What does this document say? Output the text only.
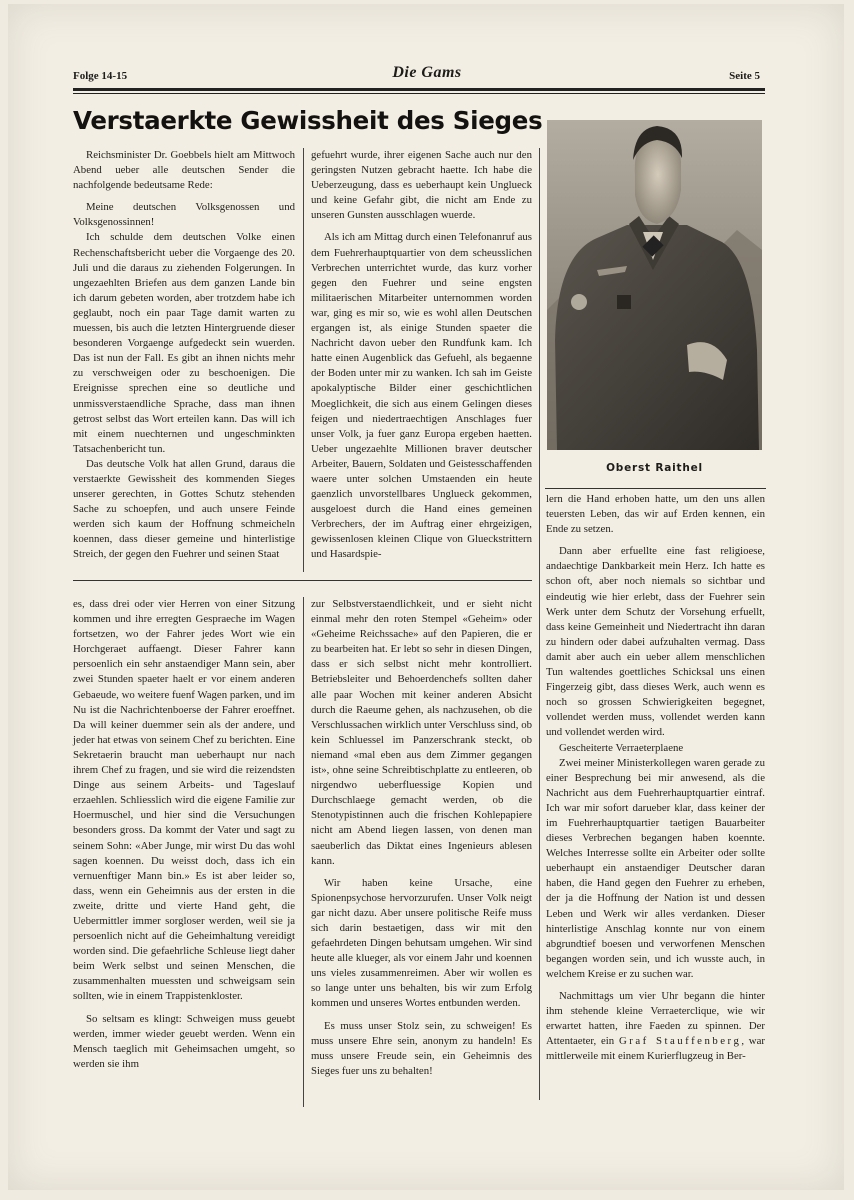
Folge 14-15	Die Gams	Seite 5
Verstaerkte Gewissheit des Sieges

Reichsminister Dr. Goebbels hielt am Mittwoch Abend ueber alle deutschen Sender die nachfolgende bedeutsame Rede:

Meine deutschen Volksgenossen und Volksgenossinnen!

Ich schulde dem deutschen Volke einen Rechenschaftsbericht ueber die Vorgaenge des 20. Juli und die daraus zu ziehenden Folgerungen. In ungezaehlten Briefen aus dem ganzen Lande bin ich darum gebeten worden, aber trotzdem habe ich geglaubt, noch ein paar Tage damit warten zu muessen, bis auch die letzten Hintergruende dieser besonderen Vorgaenge aufgedeckt sein wuerden. Das ist nun der Fall. Es gibt an ihnen nichts mehr zu verschweigen oder zu beschoenigen. Die Ereignisse sprechen eine so deutliche und unmissverstaendliche Sprache, dass man ihnen getrost selbst das Wort erteilen kann. Das will ich mit einem nuechternen und ungeschminkten Tatsachenbericht tun.

Das deutsche Volk hat allen Grund, daraus die verstaerkte Gewissheit des kommenden Sieges unserer gerechten, in Gottes Schutz stehenden Sache zu schoepfen, und auch unsere Feinde werden sich kaum der Hoffnung schmeicheln koennen, dass dieser gemeine und hinterlistige Streich, der gegen den Fuehrer und seinen Staat

gefuehrt wurde, ihrer eigenen Sache auch nur den geringsten Nutzen gebracht haette. Ich habe die Ueberzeugung, dass es ueberhaupt kein Unglueck und keine Gefahr gibt, die nicht am Ende zu unseren Gunsten ausschlagen wuerde.

Als ich am Mittag durch einen Telefonanruf aus dem Fuehrerhauptquartier von dem scheusslichen Verbrechen unterrichtet wurde, das kurz vorher gegen den Fuehrer und seine engsten militaerischen Mitarbeiter unternommen worden war, ging es mir so, wie es wohl allen Deutschen ergangen ist, als einige Stunden spaeter die Nachricht davon ueber den Rundfunk kam. Ich hatte einen Augenblick das Gefuehl, als begaenne der Boden unter mir zu wanken. Ich sah im Geiste apokalyptische Bilder einer geschichtlichen Moeglichkeit, die sich aus einem Gelingen dieses feigen und niedertraechtigen Anschlages fuer unser Volk, ja fuer ganz Europa ergeben haetten. Ueber ungezaehlte Millionen braver deutscher Arbeiter, Bauern, Soldaten und Geistesschaffenden waere unter solchen Umstaenden ein heute gaenzlich unvorstellbares Unglueck gekommen, ausgeloest durch die Hand eines gemeinen Verbrechers, der im Auftrag einer ehrgeizigen, gewissenlosen kleinen Clique von Glueckstrittern und Hasardspie-

Oberst Raithel

lern die Hand erhoben hatte, um den uns allen teuersten Leben, das wir auf Erden kennen, ein Ende zu setzen.

Dann aber erfuellte eine fast religioese, andaechtige Dankbarkeit mein Herz. Ich hatte es schon oft, aber noch niemals so sichtbar und eindeutig wie hier erlebt, dass der Fuehrer sein Werk unter dem Schutz der Vorsehung erfuellt, dass keine Gemeinheit und Niedertracht ihn daran zu hindern oder dabei aufzuhalten vermag. Dass damit aber auch ein ueber allem menschlichen Tun waltendes goettliches Schicksal uns einen Fingerzeig gibt, dass dieses Werk, auch wenn es noch so grossen Schwierigkeiten begegnet, vollendet werden muss, vollendet werden kann und vollendet werden wird.

Gescheiterte Verraeterplaene

Zwei meiner Ministerkollegen waren gerade zu einer Besprechung bei mir anwesend, als die Nachricht aus dem Fuehrerhauptquartier eintraf. Ich war mir sofort darueber klar, dass keiner der im Fuehrerhauptquartier taetigen Bauarbeiter dieses Verbrechen begangen haben koennte. Welches Interresse sollte ein Arbeiter oder sollte ueberhaupt ein anstaendiger Deutscher daran haben, die Hand gegen den Fuehrer zu erheben, der ja die Hoffnung der Nation ist und dessen Leben und Werk wir alles verdanken. Dieser hinterlistige Anschlag konnte nur von einem abgrundtief boesen und verworfenen Menschen begangen worden sein, und ich wusste auch, in welchem Kreise er zu suchen war.

Nachmittags um vier Uhr begann die hinter ihm stehende kleine Verraeterclique, wie wir erwartet hatten, ihre Faeden zu spinnen. Der Attentaeter, ein Graf Stauffenberg, war mittlerweile mit einem Kurierflugzeug in Ber-

es, dass drei oder vier Herren von einer Sitzung kommen und ihre erregten Gespraeche im Wagen fortsetzen, wo der Fahrer jedes Wort wie ein Horchgeraet auffaengt. Dieser Fahrer kann persoenlich ein sehr anstaendiger Mann sein, aber zwei Stunden spaeter haelt er vor einem anderen Gebaeude, wo weitere fuenf Wagen parken, und im Nu ist die Nachrichtenboerse der Fahrer eroeffnet. Da will keiner duemmer sein als der andere, und jeder hat etwas von seinem Chef zu berichten. Eine Sekretaerin braucht man ueberhaupt nur nach ihrem Chef zu fragen, und sie wird die reizendsten Dinge aus seinem Arbeits- und Tageslauf erzaehlen. Schliesslich wird die eigene Familie zur Hoermuschel, und hier sind die Versuchungen besonders gross. Da kommt der Vater und sagt zu seinem Sohn: «Aber Junge, mir wirst Du das wohl sagen koennen. Du weisst doch, dass ich ein vernuenftiger Mann bin.» Es ist aber leider so, dass, wenn ein Geheimnis aus der ersten in die zweite, dritte und vierte Hand geht, die Uebermittler immer sorgloser werden, weil sie ja persoenlich nicht auf die Geheimhaltung vereidigt worden sind. Die gefaehrliche Schleuse liegt daher beim Werk selbst und seinen Menschen, die zusammenhalten muessten und schweigsam sein sollten, wie in einem Trappistenkloster.

So seltsam es klingt: Schweigen muss geuebt werden, immer wieder geuebt werden. Wenn ein Mensch taeglich mit Geheimsachen umgeht, so werden sie ihm

zur Selbstverstaendlichkeit, und er sieht nicht einmal mehr den roten Stempel «Geheim» oder «Geheime Reichssache» auf den Papieren, die er zu bearbeiten hat. Er lebt so sehr in diesen Dingen, dass er sich selbst nicht mehr kontrolliert. Betriebsleiter und Behoerdenchefs sollten daher alle paar Wochen mit keiner anderen Absicht durch die Raeume gehen, als nachzusehen, ob die Verschlussachen wirklich unter Verschluss sind, ob kein Schluessel im Panzerschrank steckt, ob niemand «mal eben aus dem Zimmer gegangen ist», ohne seine Schreibtischplatte zu entleeren, ob nirgendwo ueberfluessige Kopien und Durchschlaege gemacht werden, ob die Stenotypistinnen auch die frischen Kohlepapiere nicht am Abend liegen lassen, von denen man saeuberlich das Diktat eines Ingenieurs ablesen kann.

Wir haben keine Ursache, eine Spionenpsychose hervorzurufen. Unser Volk neigt gar nicht dazu. Aber unsere politische Reife muss sich darin bestaetigen, dass wir mit den gefaehrdeten Dingen behutsam umgehen. Wir sind heute alle klueger, als vor einem Jahr und koennen uns vieles zusammenreimen. Aber wir wollen es so lange unter uns behalten, bis wir zum Erfolg kommen und unseres Wortes entbunden werden.

Es muss unser Stolz sein, zu schweigen! Es muss unsere Ehre sein, anonym zu handeln! Es muss unsere Freude sein, ein Geheimnis des Sieges fuer uns zu behalten!
